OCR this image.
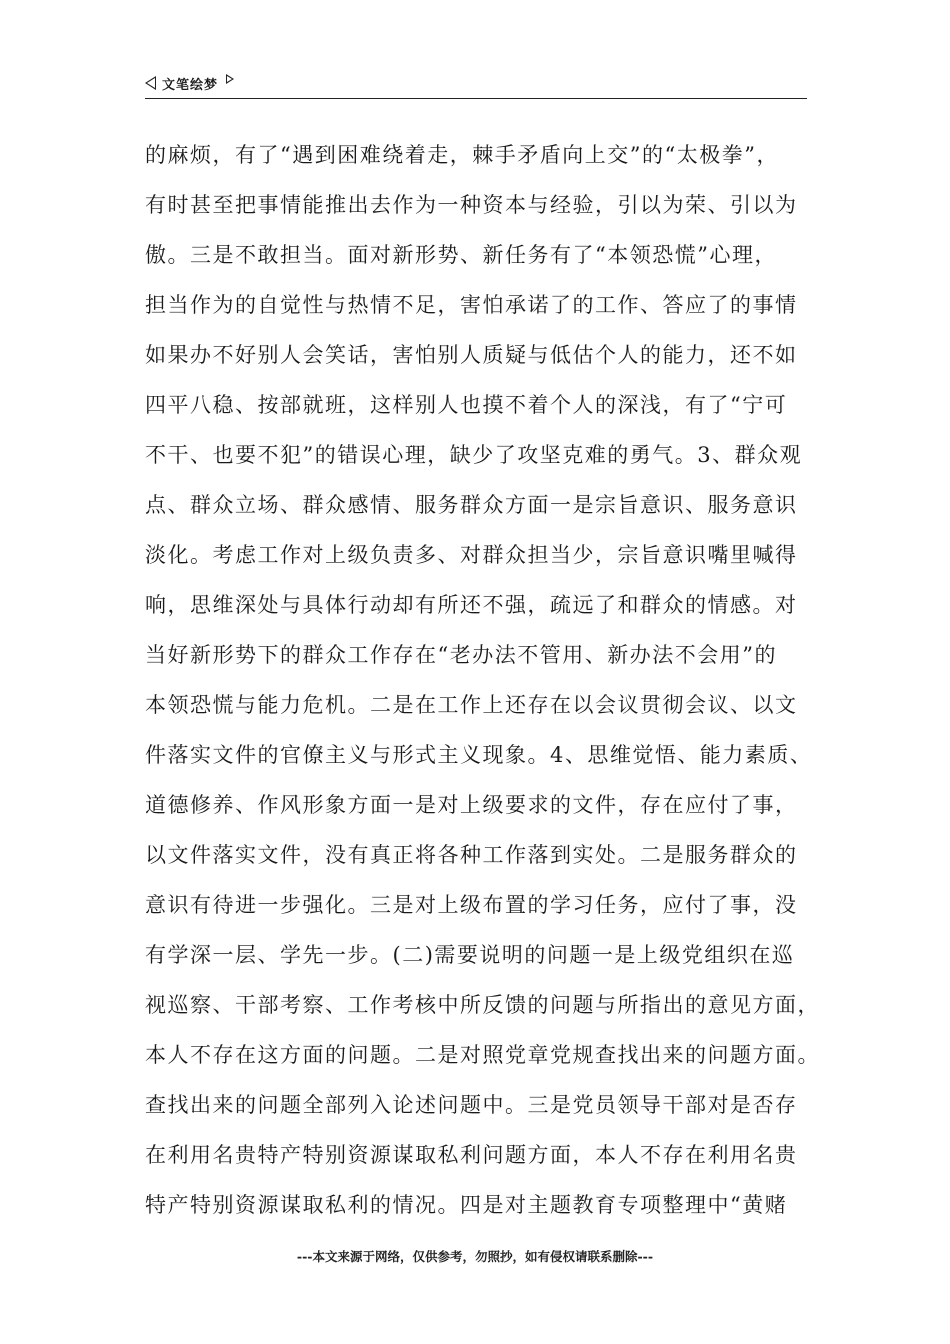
文笔绘梦
的麻烦，有了“遇到困难绕着走，棘手矛盾向上交”的“太极拳”，
有时甚至把事情能推出去作为一种资本与经验，引以为荣、引以为
傲。三是不敢担当。面对新形势、新任务有了“本领恐慌”心理，
担当作为的自觉性与热情不足，害怕承诺了的工作、答应了的事情
如果办不好别人会笑话，害怕别人质疑与低估个人的能力，还不如
四平八稳、按部就班，这样别人也摸不着个人的深浅，有了“宁可
不干、也要不犯”的错误心理，缺少了攻坚克难的勇气。3、群众观
点、群众立场、群众感情、服务群众方面一是宗旨意识、服务意识
淡化。考虑工作对上级负责多、对群众担当少，宗旨意识嘴里喊得
响，思维深处与具体行动却有所还不强，疏远了和群众的情感。对
当好新形势下的群众工作存在“老办法不管用、新办法不会用”的
本领恐慌与能力危机。二是在工作上还存在以会议贯彻会议、以文
件落实文件的官僚主义与形式主义现象。4、思维觉悟、能力素质、
道德修养、作风形象方面一是对上级要求的文件，存在应付了事，
以文件落实文件，没有真正将各种工作落到实处。二是服务群众的
意识有待进一步强化。三是对上级布置的学习任务，应付了事，没
有学深一层、学先一步。(二)需要说明的问题一是上级党组织在巡
视巡察、干部考察、工作考核中所反馈的问题与所指出的意见方面，
本人不存在这方面的问题。二是对照党章党规查找出来的问题方面。
查找出来的问题全部列入论述问题中。三是党员领导干部对是否存
在利用名贵特产特别资源谋取私利问题方面，本人不存在利用名贵
特产特别资源谋取私利的情况。四是对主题教育专项整理中“黄赌
---本文来源于网络，仅供参考，勿照抄，如有侵权请联系删除---
